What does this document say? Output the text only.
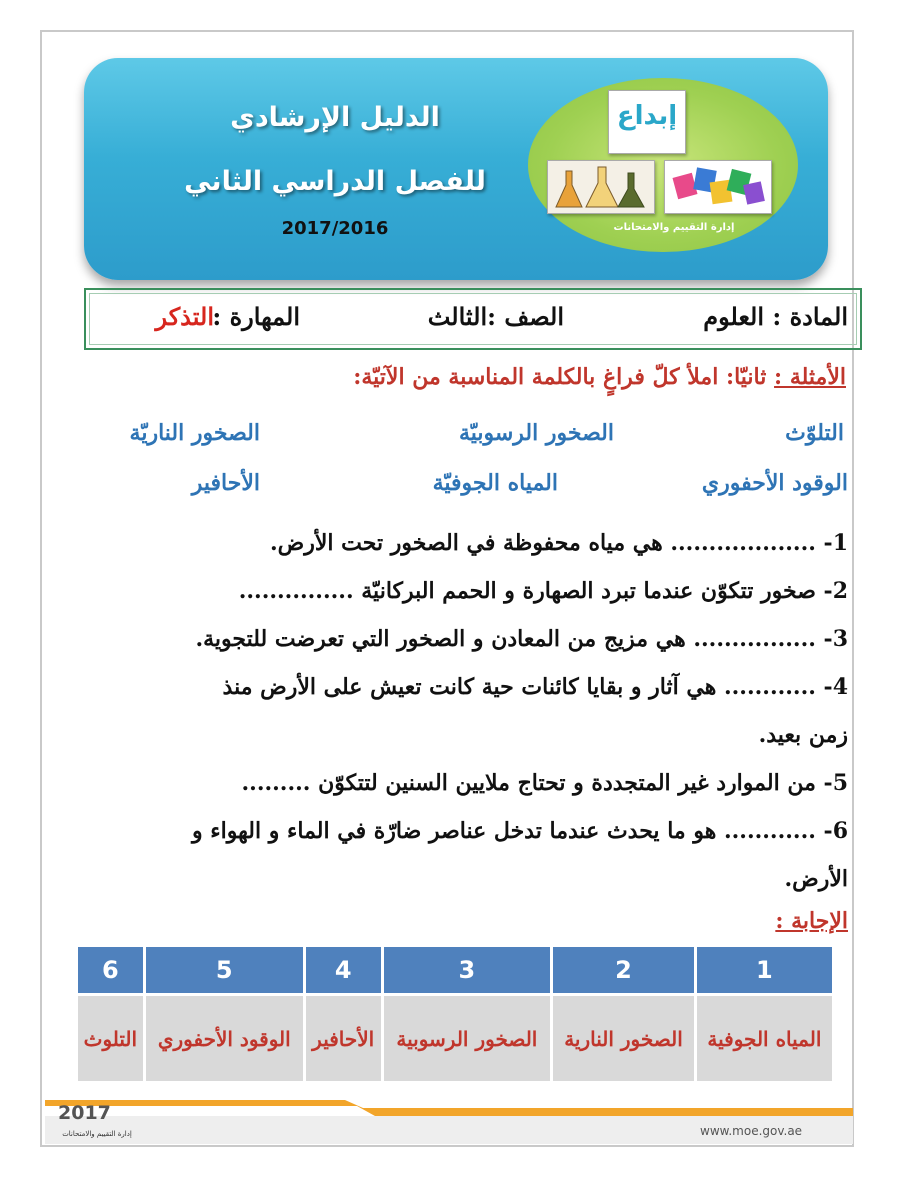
الدليل الإرشادي
للفصل الدراسي الثاني
2017/2016
إبداع
إدارة التقييم والامتحانات
المادة : العلوم
الصف :الثالث
المهارة :
التذكر
الأمثلة : ثانيّا: املأ كلّ فراغٍ بالكلمة المناسبة من الآتيّة:
التلوّث
الصخور الرسوبيّة
الصخور الناريّة
الوقود الأحفوري
المياه الجوفيّة
الأحافير
1- ................... هي مياه محفوظة في الصخور تحت الأرض.
2- صخور تتكوّن عندما تبرد الصهارة و الحمم البركانيّة ...............
3- ................ هي مزيج من المعادن و الصخور التي تعرضت للتجوية.
4- ............ هي آثار و بقايا كائنات حية كانت تعيش على الأرض منذ
زمن بعيد.
5- من الموارد غير المتجددة و تحتاج ملايين السنين لتتكوّن .........
6- ............ هو ما يحدث عندما تدخل عناصر ضارّة في الماء و الهواء و
الأرض.
الإجابة :
1	2	3	4	5	6
المياه الجوفية	الصخور النارية	الصخور الرسوبية	الأحافير	الوقود الأحفوري	التلوث
2017
إدارة التقييم والامتحانات	www.moe.gov.ae
